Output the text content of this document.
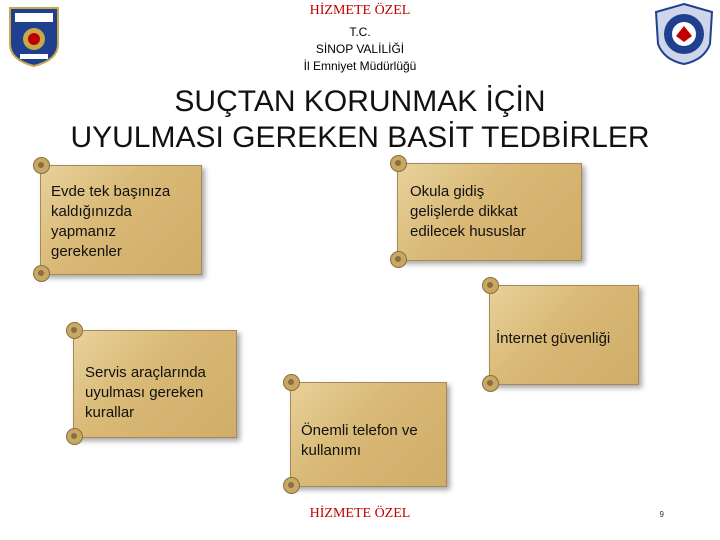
HİZMETE ÖZEL
T.C.
SİNOP VALİLİĞİ
İl Emniyet Müdürlüğü
SUÇTAN KORUNMAK İÇİN
UYULMASI GEREKEN BASİT TEDBİRLER
Evde tek başınıza
kaldığınızda
yapmanız
gerekenler
Okula gidiş
gelişlerde dikkat
edilecek hususlar
İnternet güvenliği
Servis araçlarında
uyulması gereken
kurallar
Önemli telefon ve
kullanımı
HİZMETE ÖZEL	9
